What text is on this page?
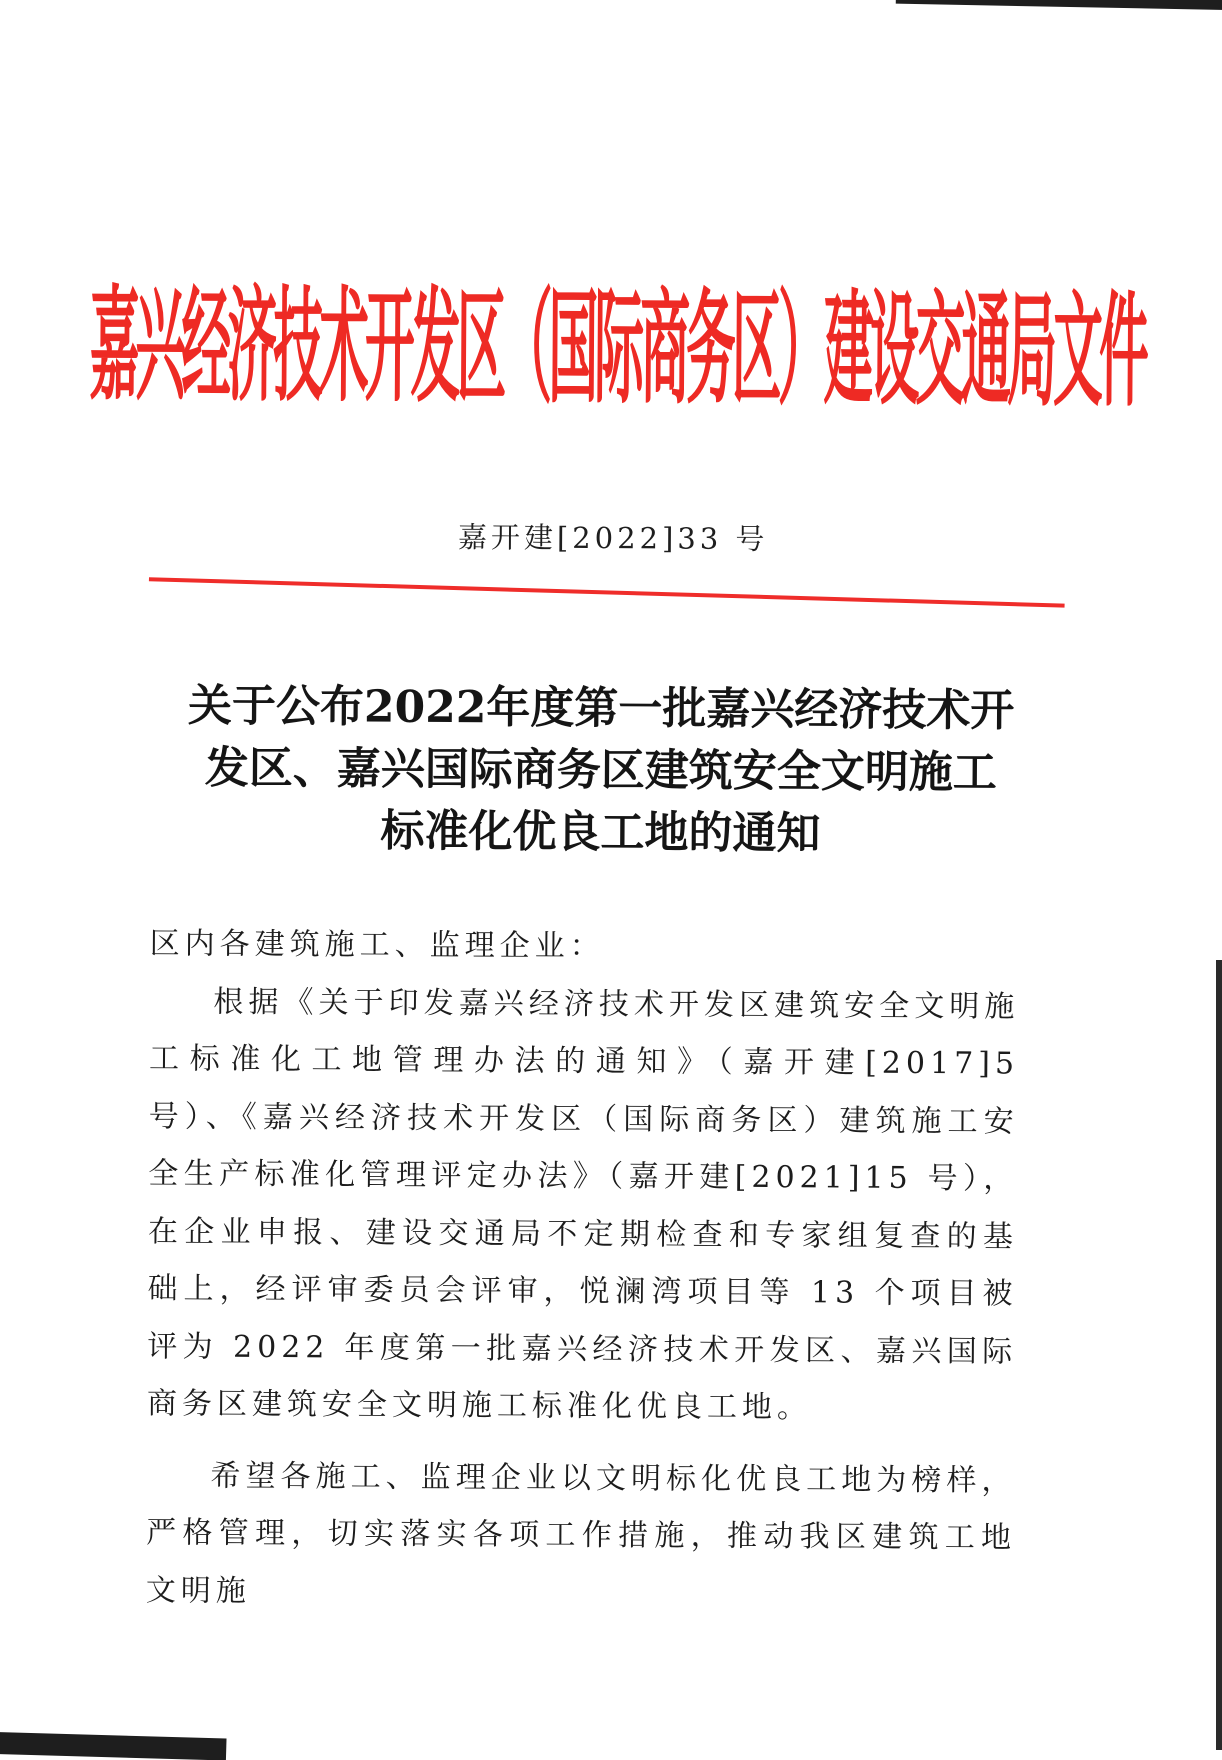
嘉兴经济技术开发区（国际商务区）建设交通局文件
嘉开建[2022]33 号
关于公布2022年度第一批嘉兴经济技术开
发区、嘉兴国际商务区建筑安全文明施工
标准化优良工地的通知
区内各建筑施工、监理企业：
根据《关于印发嘉兴经济技术开发区建筑安全文明施工标准化工地管理办法的通知》（嘉开建[2017]5 号）、《嘉兴经济技术开发区（国际商务区）建筑施工安全生产标准化管理评定办法》（嘉开建[2021]15 号），在企业申报、建设交通局不定期检查和专家组复查的基础上，经评审委员会评审，悦澜湾项目等 13 个项目被评为 2022 年度第一批嘉兴经济技术开发区、嘉兴国际商务区建筑安全文明施工标准化优良工地。
希望各施工、监理企业以文明标化优良工地为榜样，严格管理，切实落实各项工作措施，推动我区建筑工地文明施
